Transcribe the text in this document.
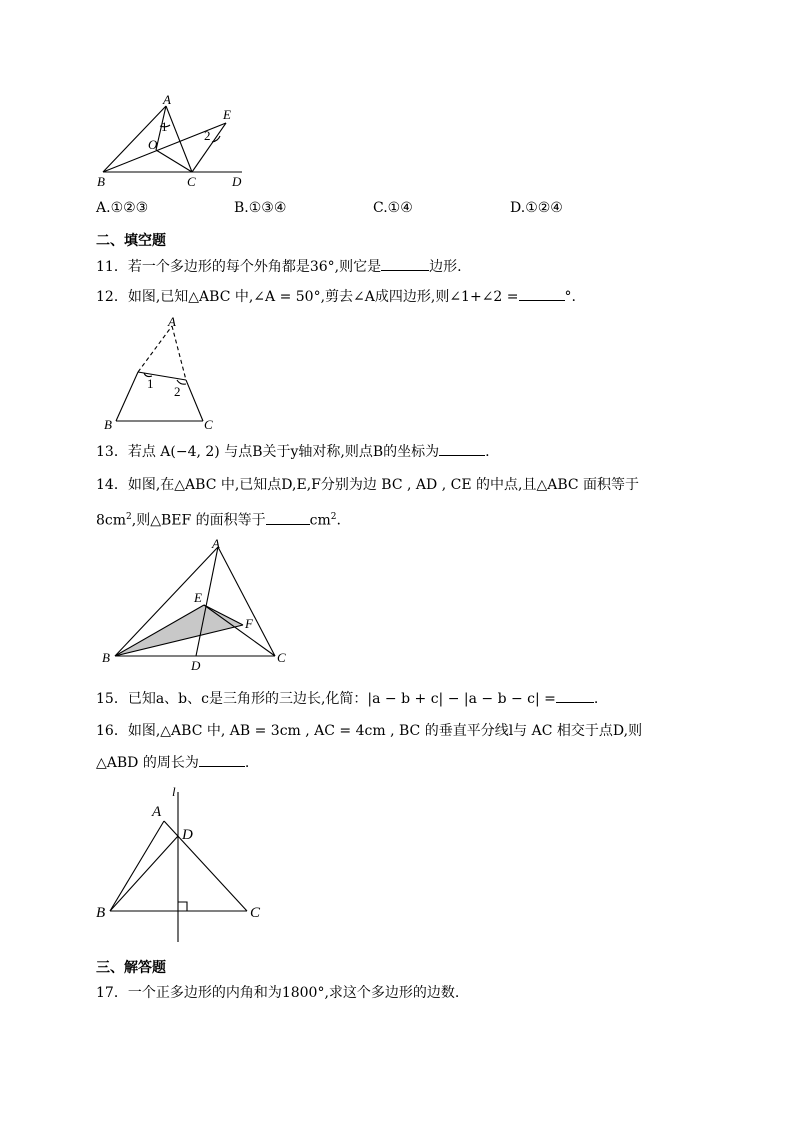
A
E
O
1
2
B	C	D
A.①②③	B.①③④	C.①④	D.①②④
二、填空题
11．若一个多边形的每个外角都是36°,则它是	边形.
12．如图,已知△ABC 中,∠A = 50°,剪去∠A成四边形,则∠1+∠2 =	°.
A
1
2
B	C
13．若点 A(−4, 2) 与点B关于y轴对称,则点B的坐标为	.
14．如图,在△ABC 中,已知点D,E,F分别为边 BC , AD , CE 的中点,且△ABC 面积等于
$8cm^2$,则△BEF 的面积等于	$cm^2$.
A
E
F
B
D
C
15．已知a、b、c是三角形的三边长,化简：|a − b + c| − |a − b − c| =	.
16．如图,△ABC 中, AB = 3cm , AC = 4cm , BC 的垂直平分线l与 AC 相交于点D,则
△ABD 的周长为	.
l
A
D
B	C
三、解答题
17．一个正多边形的内角和为1800°,求这个多边形的边数.
